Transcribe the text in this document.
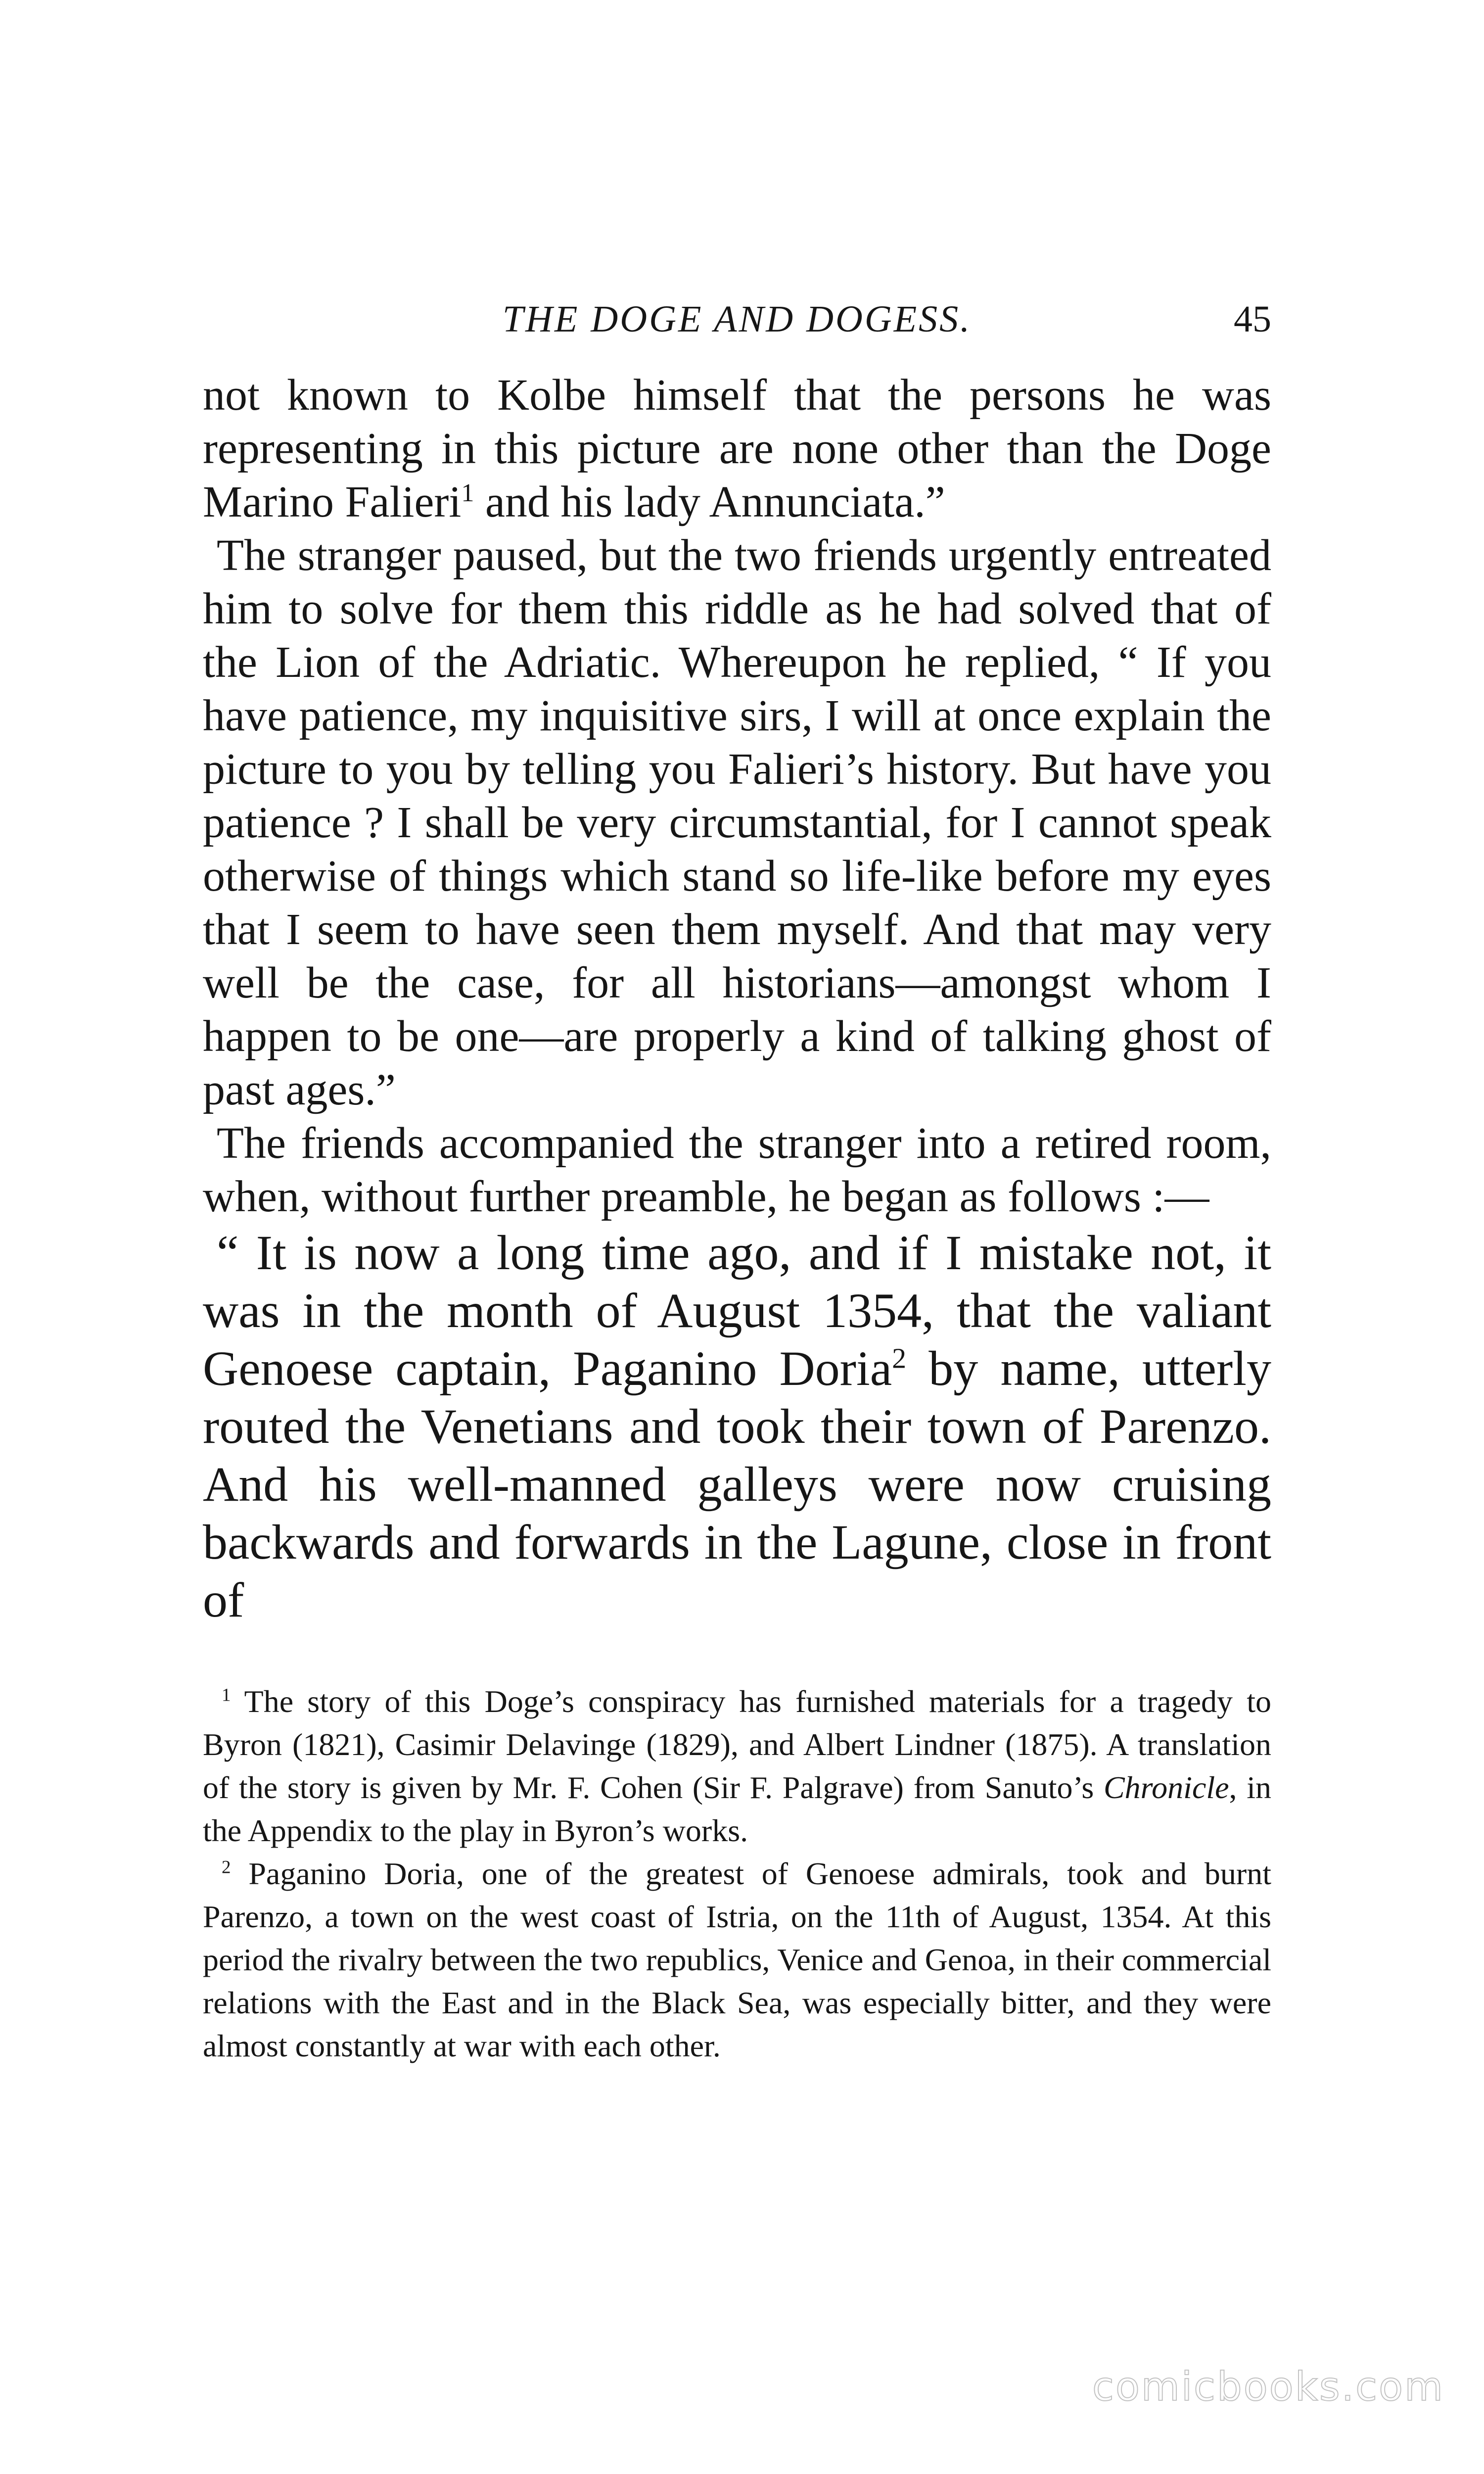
THE DOGE AND DOGESS.	45

not known to Kolbe himself that the persons he was representing in this picture are none other than the Doge Marino Falieri$^1$ and his lady Annunciata.”

The stranger paused, but the two friends urgently entreated him to solve for them this riddle as he had solved that of the Lion of the Adriatic. Whereupon he replied, “ If you have patience, my inquisitive sirs, I will at once explain the picture to you by telling you Falieri’s history. But have you patience ? I shall be very circumstantial, for I cannot speak otherwise of things which stand so life-like before my eyes that I seem to have seen them myself. And that may very well be the case, for all historians—amongst whom I happen to be one—are properly a kind of talking ghost of past ages.”

The friends accompanied the stranger into a retired room, when, without further preamble, he began as follows :—

“ It is now a long time ago, and if I mistake not, it was in the month of August 1354, that the valiant Genoese captain, Paganino Doria$^2$ by name, utterly routed the Venetians and took their town of Parenzo. And his well-manned galleys were now cruising backwards and forwards in the Lagune, close in front of

$^1$ The story of this Doge’s conspiracy has furnished materials for a tragedy to Byron (1821), Casimir Delavinge (1829), and Albert Lindner (1875). A translation of the story is given by Mr. F. Cohen (Sir F. Palgrave) from Sanuto’s Chronicle, in the Appendix to the play in Byron’s works.

$^2$ Paganino Doria, one of the greatest of Genoese admirals, took and burnt Parenzo, a town on the west coast of Istria, on the 11th of August, 1354. At this period the rivalry between the two republics, Venice and Genoa, in their commercial relations with the East and in the Black Sea, was especially bitter, and they were almost constantly at war with each other.

comicbooks.com
